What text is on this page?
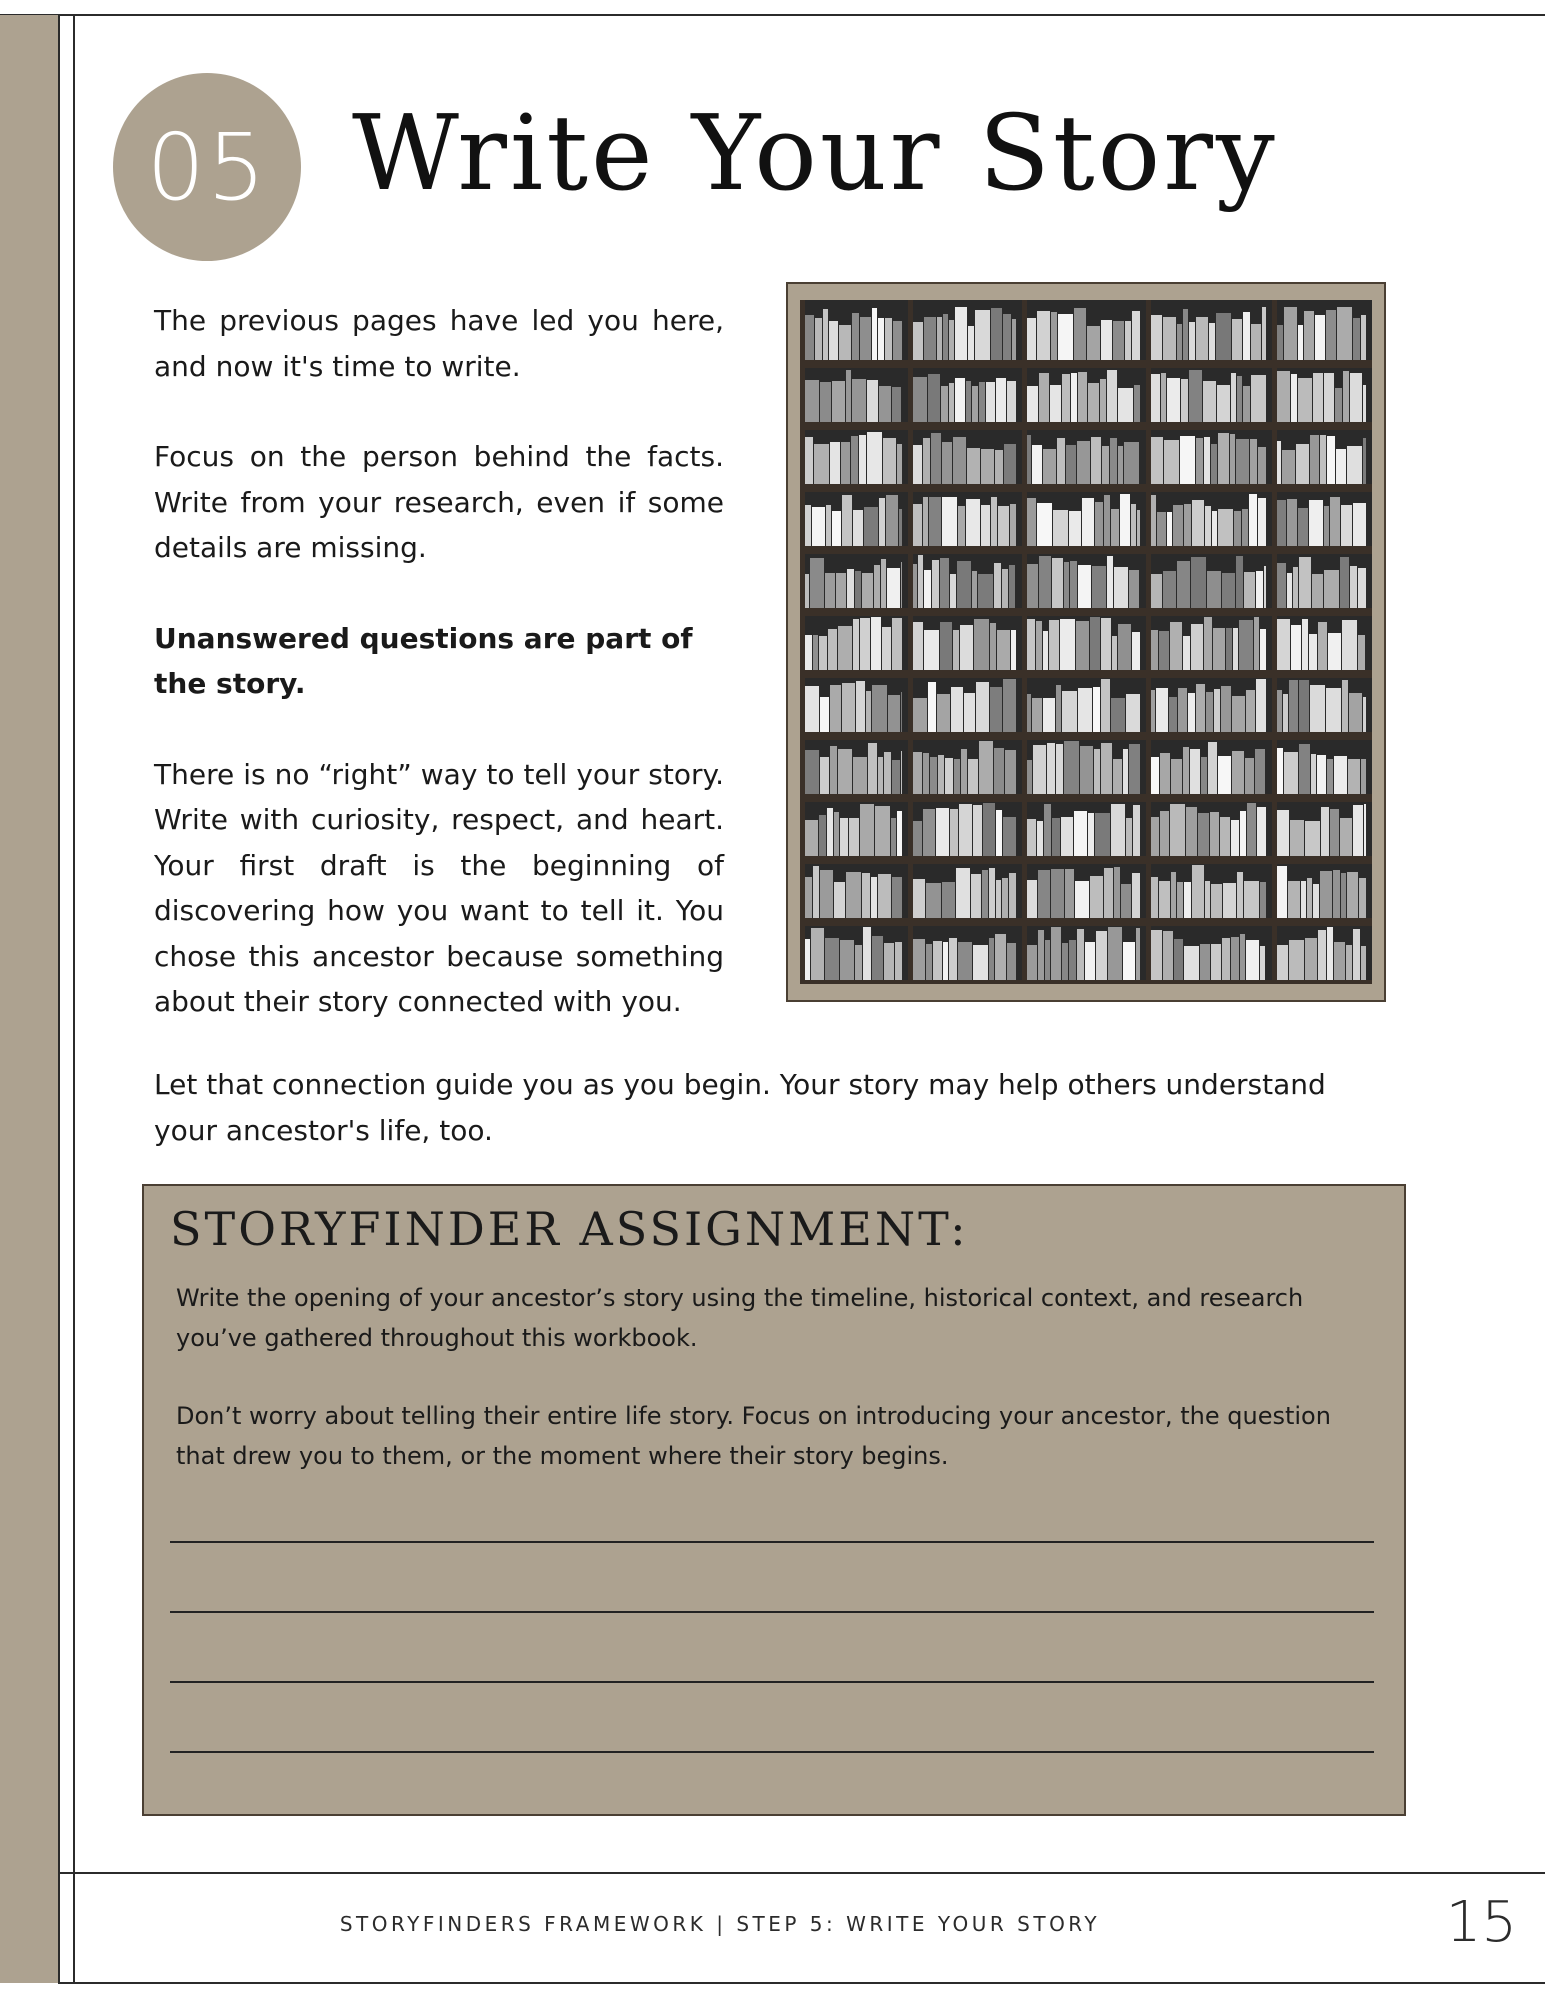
05 Write Your Story

The previous pages have led you here, and now it's time to write.

Focus on the person behind the facts. Write from your research, even if some details are missing.

Unanswered questions are part of the story.

There is no “right” way to tell your story. Write with curiosity, respect, and heart. Your first draft is the beginning of discovering how you want to tell it. You chose this ancestor because something about their story connected with you.

Let that connection guide you as you begin. Your story may help others understand your ancestor's life, too.

STORYFINDER ASSIGNMENT:

Write the opening of your ancestor’s story using the timeline, historical context, and research you’ve gathered throughout this workbook.

Don’t worry about telling their entire life story. Focus on introducing your ancestor, the question that drew you to them, or the moment where their story begins.

STORYFINDERS FRAMEWORK | STEP 5: WRITE YOUR STORY	15
